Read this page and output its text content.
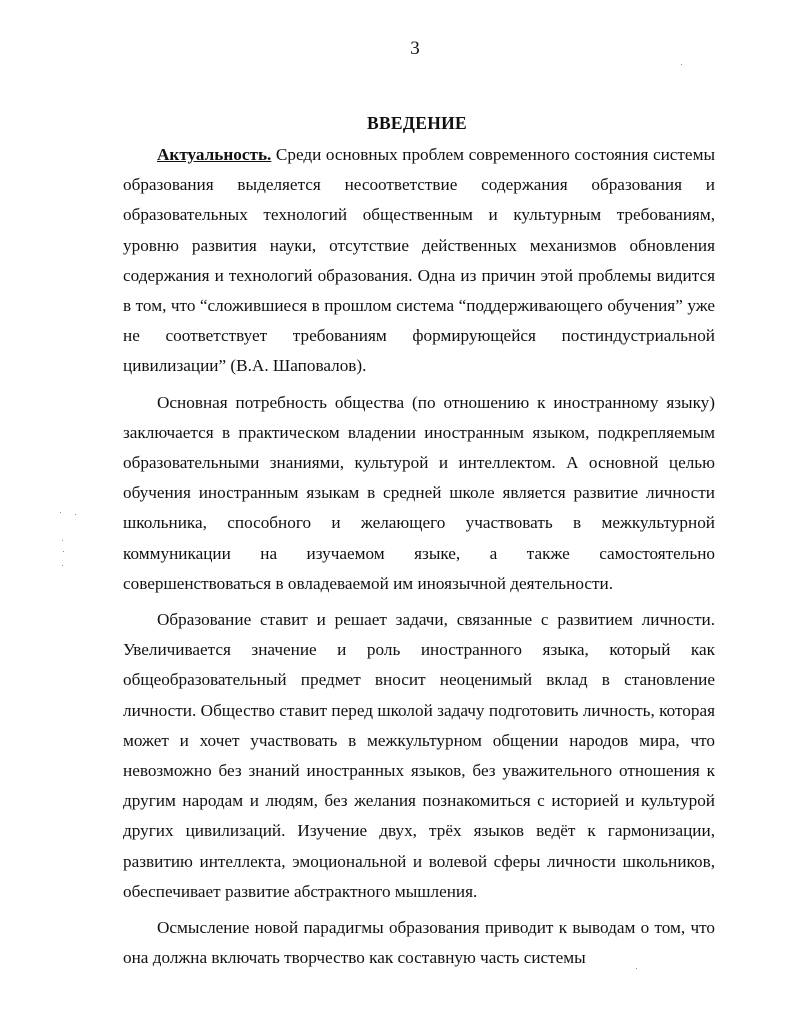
3
ВВЕДЕНИЕ

Актуальность. Среди основных проблем современного состояния системы образования выделяется несоответствие содержания образования и образовательных технологий общественным и культурным требованиям, уровню развития науки, отсутствие действенных механизмов обновления содержания и технологий образования. Одна из причин этой проблемы видится в том, что “сложившиеся в прошлом система “поддерживающего обучения” уже не соответствует требованиям формирующейся постиндустриальной цивилизации” (В.А. Шаповалов).

Основная потребность общества (по отношению к иностранному языку) заключается в практическом владении иностранным языком, подкрепляемым образовательными знаниями, культурой и интеллектом. А основной целью обучения иностранным языкам в средней школе является развитие личности школьника, способного и желающего участвовать в межкультурной коммуникации на изучаемом языке, а также самостоятельно совершенствоваться в овладеваемой им иноязычной деятельности.

Образование ставит и решает задачи, связанные с развитием личности. Увеличивается значение и роль иностранного языка, который как общеобразовательный предмет вносит неоценимый вклад в становление личности. Общество ставит перед школой задачу подготовить личность, которая может и хочет участвовать в межкультурном общении народов мира, что невозможно без знаний иностранных языков, без уважительного отношения к другим народам и людям, без желания познакомиться с историей и культурой других цивилизаций. Изучение двух, трёх языков ведёт к гармонизации, развитию интеллекта, эмоциональной и волевой сферы личности школьников, обеспечивает развитие абстрактного мышления.

Осмысление новой парадигмы образования приводит к выводам о том, что она должна включать творчество как составную часть системы
